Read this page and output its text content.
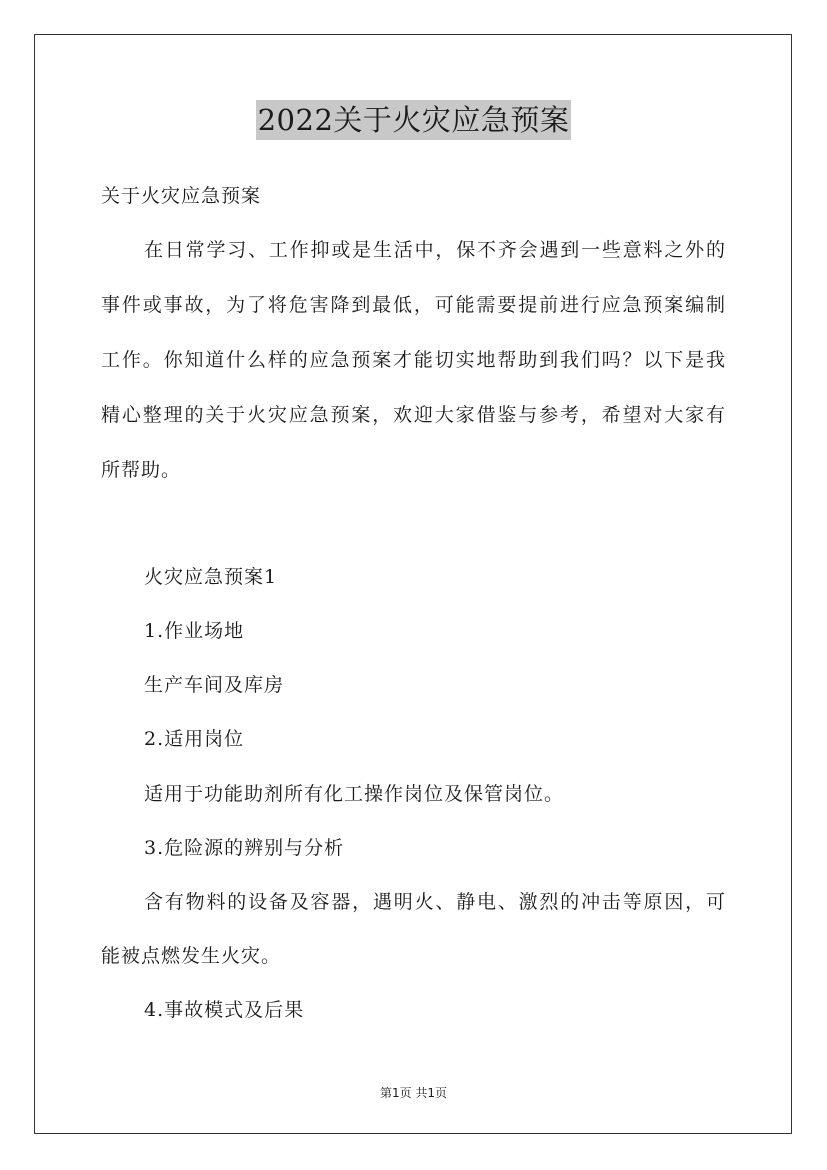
2022关于火灾应急预案
关于火灾应急预案
在日常学习、工作抑或是生活中，保不齐会遇到一些意料之外的
事件或事故，为了将危害降到最低，可能需要提前进行应急预案编制
工作。你知道什么样的应急预案才能切实地帮助到我们吗？以下是我
精心整理的关于火灾应急预案，欢迎大家借鉴与参考，希望对大家有
所帮助。
火灾应急预案1
1.作业场地
生产车间及库房
2.适用岗位
适用于功能助剂所有化工操作岗位及保管岗位。
3.危险源的辨别与分析
含有物料的设备及容器，遇明火、静电、激烈的冲击等原因，可
能被点燃发生火灾。
4.事故模式及后果
第1页 共1页
